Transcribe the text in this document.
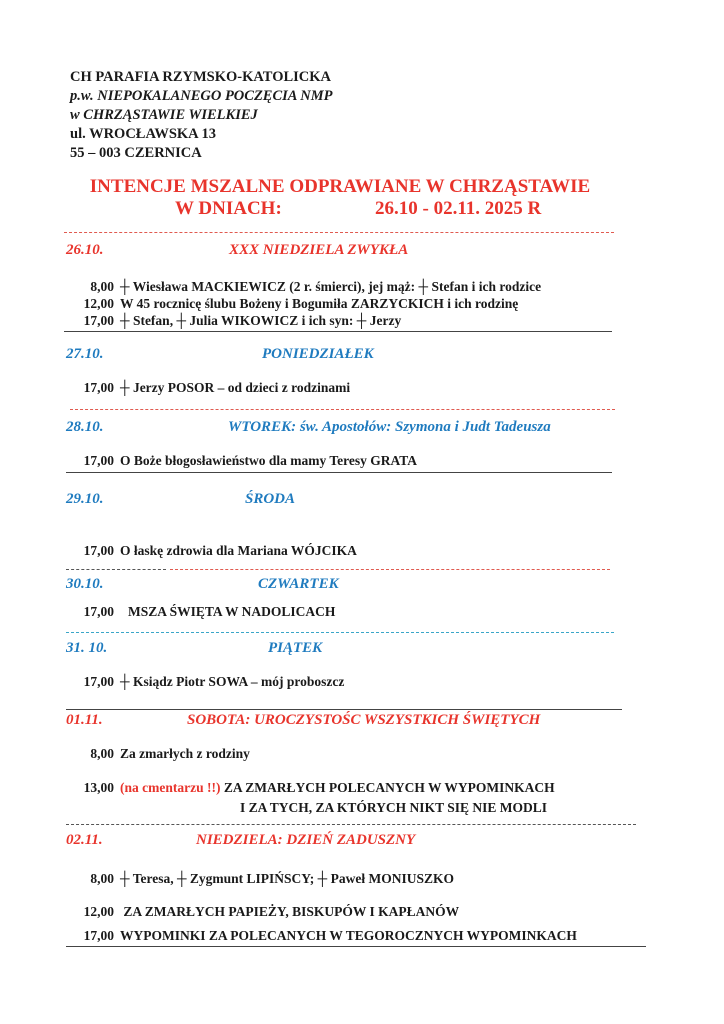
CH PARAFIA RZYMSKO-KATOLICKA
p.w. NIEPOKALANEGO POCZĘCIA NMP
w CHRZĄSTAWIE WIELKIEJ
ul. WROCŁAWSKA 13
55 – 003 CZERNICA
INTENCJE MSZALNE ODPRAWIANE W CHRZĄSTAWIE
W DNIACH:	26.10 - 02.11. 2025 R
26.10.	XXX NIEDZIELA ZWYKŁA
8,00 ┼ Wiesława MACKIEWICZ (2 r. śmierci), jej mąż: ┼ Stefan i ich rodzice
12,00 W 45 rocznicę ślubu Bożeny i Bogumiła ZARZYCKICH i ich rodzinę
17,00 ┼ Stefan, ┼ Julia WIKOWICZ i ich syn: ┼ Jerzy
27.10.	PONIEDZIAŁEK
17,00 ┼ Jerzy POSOR – od dzieci z rodzinami
28.10.	WTOREK: św. Apostołów: Szymona i Judt Tadeusza
17,00 O Boże błogosławieństwo dla mamy Teresy GRATA
29.10.	ŚRODA
17,00 O łaskę zdrowia dla Mariana WÓJCIKA
30.10.	CZWARTEK
17,00 MSZA ŚWIĘTA W NADOLICACH
31. 10.	PIĄTEK
17,00 ┼ Ksiądz Piotr SOWA – mój proboszcz
01.11.	SOBOTA: UROCZYSTOŚC WSZYSTKICH ŚWIĘTYCH
8,00 Za zmarłych z rodziny
13,00 (na cmentarzu !!) ZA ZMARŁYCH POLECANYCH W WYPOMINKACH
I ZA TYCH, ZA KTÓRYCH NIKT SIĘ NIE MODLI
02.11.	NIEDZIELA: DZIEŃ ZADUSZNY
8,00 ┼ Teresa, ┼ Zygmunt LIPIŃSCY; ┼ Paweł MONIUSZKO
12,00 ZA ZMARŁYCH PAPIEŻY, BISKUPÓW I KAPŁANÓW
17,00 WYPOMINKI ZA POLECANYCH W TEGOROCZNYCH WYPOMINKACH
